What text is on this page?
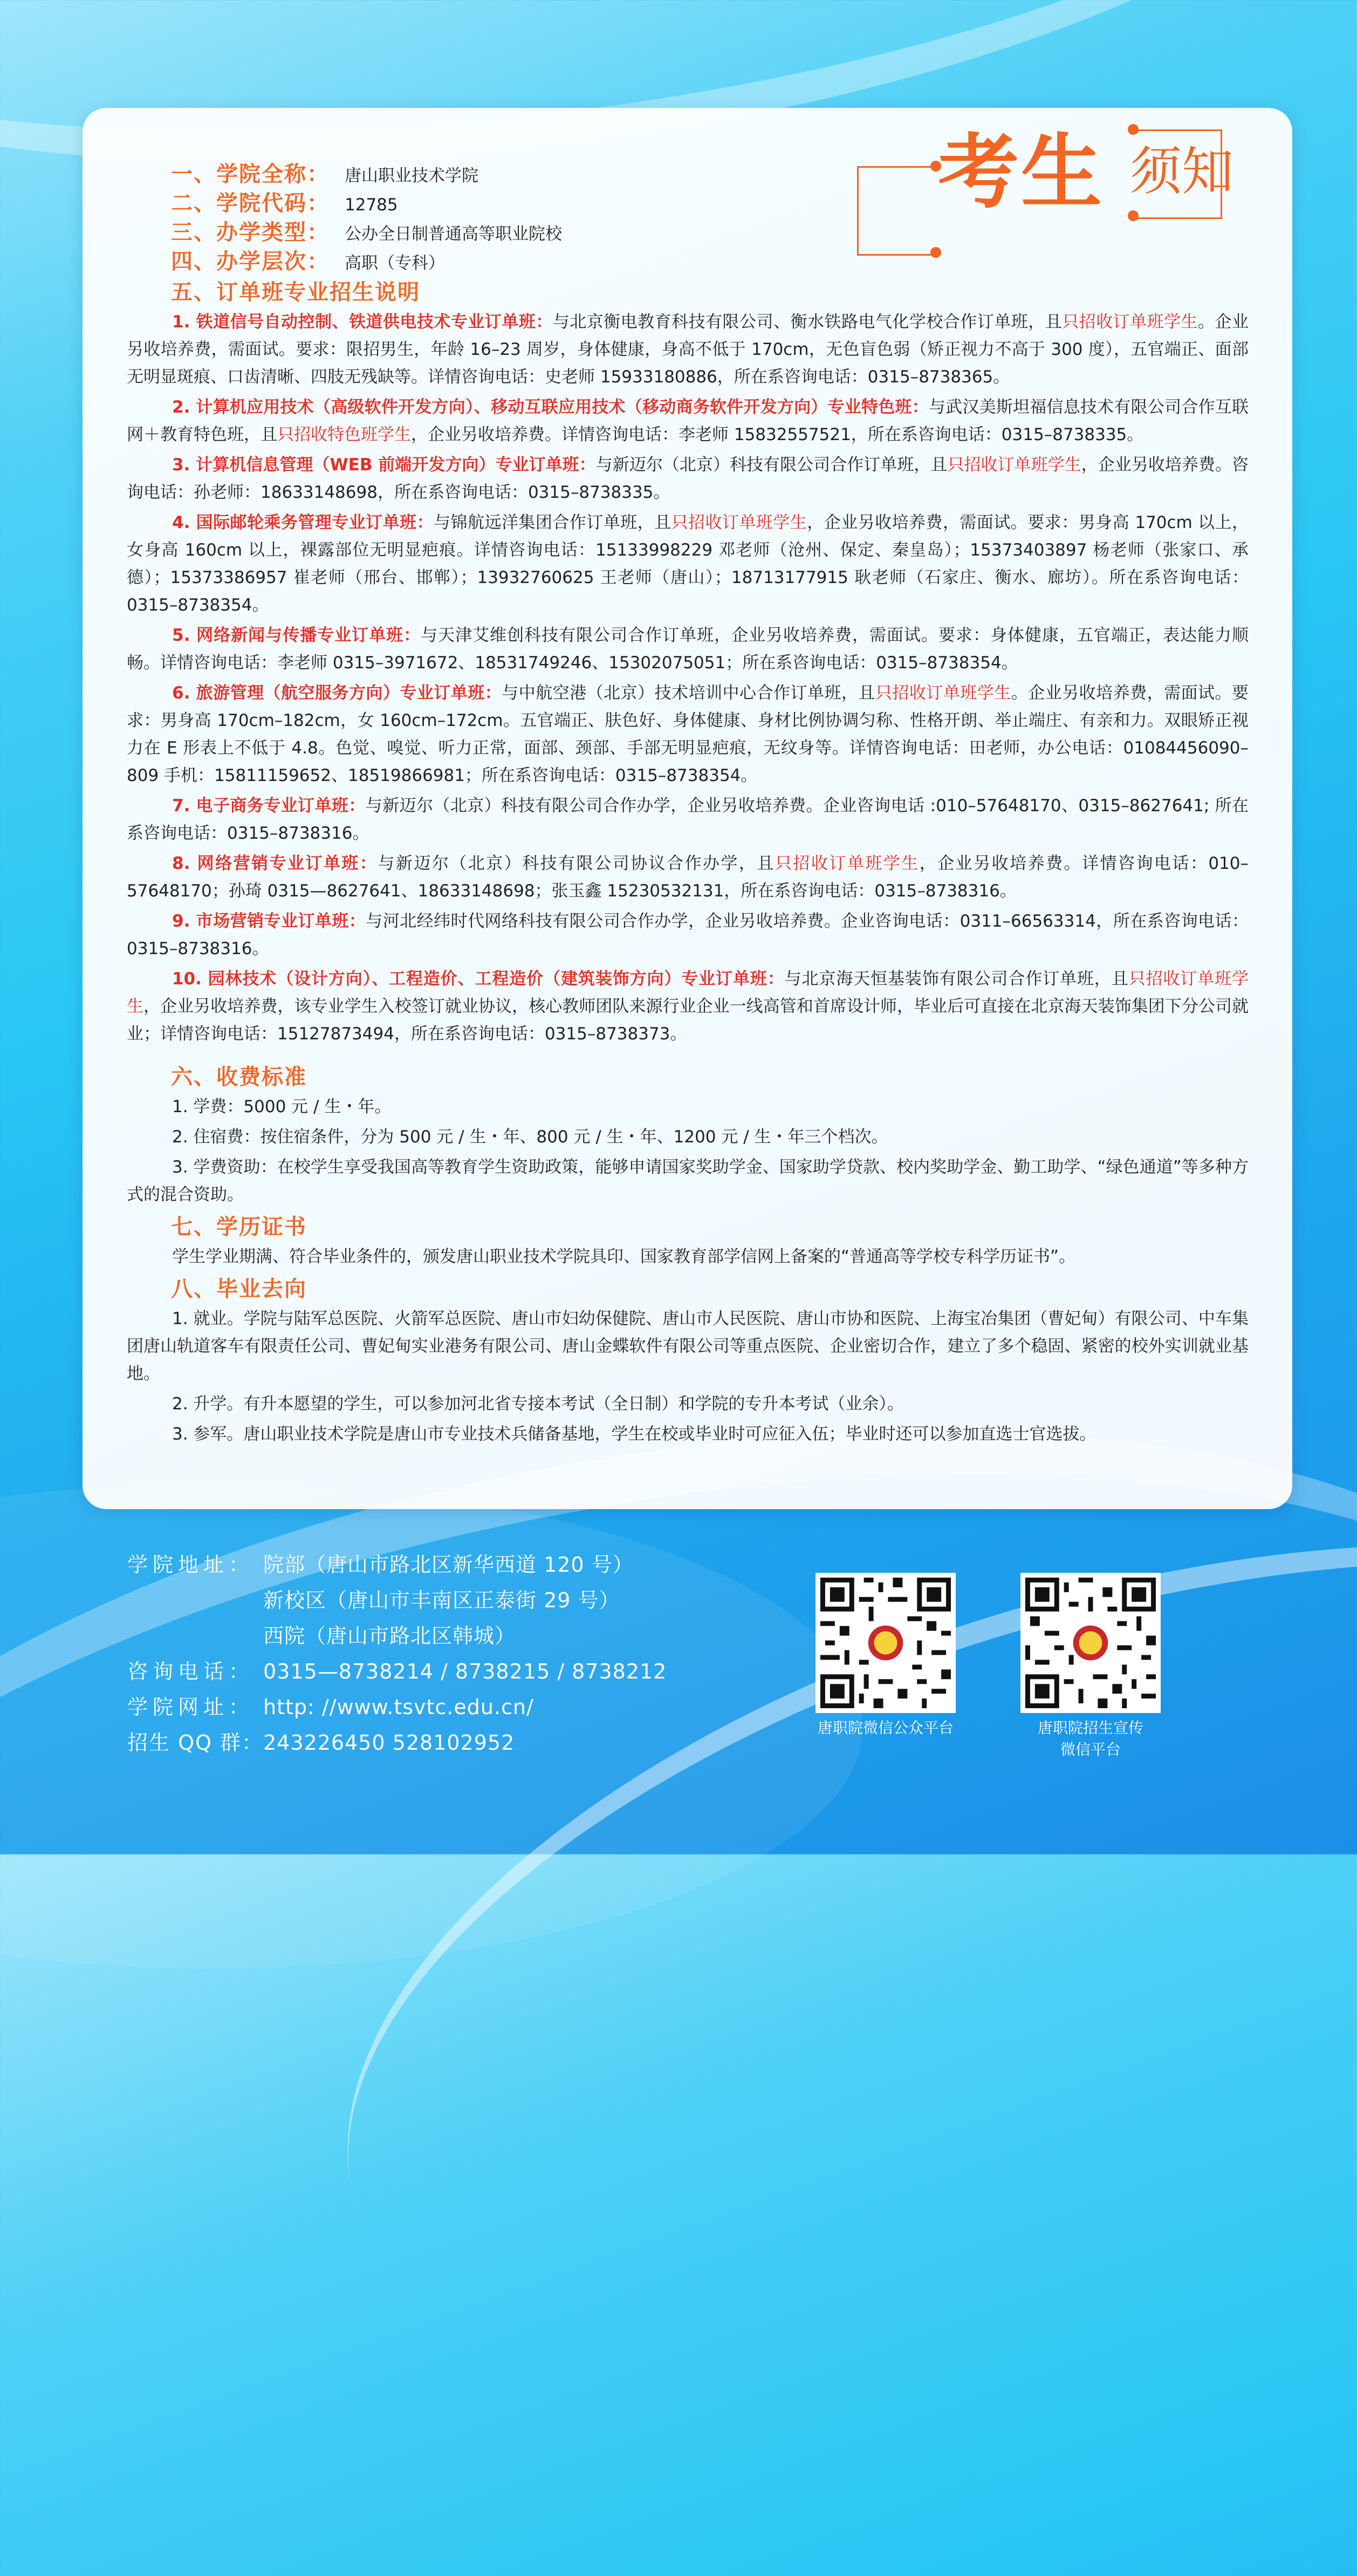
考生 须知
一、学院全称： 唐山职业技术学院
二、学院代码： 12785
三、办学类型： 公办全日制普通高等职业院校
四、办学层次： 高职（专科）
五、订单班专业招生说明

1. 铁道信号自动控制、铁道供电技术专业订单班：与北京衡电教育科技有限公司、衡水铁路电气化学校合作订单班，且只招收订单班学生。企业另收培养费，需面试。要求：限招男生，年龄 16–23 周岁，身体健康，身高不低于 170cm，无色盲色弱（矫正视力不高于 300 度），五官端正、面部无明显斑痕、口齿清晰、四肢无残缺等。详情咨询电话：史老师 15933180886，所在系咨询电话：0315–8738365。

2. 计算机应用技术（高级软件开发方向）、移动互联应用技术（移动商务软件开发方向）专业特色班：与武汉美斯坦福信息技术有限公司合作互联网＋教育特色班，且只招收特色班学生，企业另收培养费。详情咨询电话：李老师 15832557521，所在系咨询电话：0315–8738335。

3. 计算机信息管理（WEB 前端开发方向）专业订单班：与新迈尔（北京）科技有限公司合作订单班，且只招收订单班学生，企业另收培养费。咨询电话：孙老师：18633148698，所在系咨询电话：0315–8738335。

4. 国际邮轮乘务管理专业订单班：与锦航远洋集团合作订单班，且只招收订单班学生，企业另收培养费，需面试。要求：男身高 170cm 以上，女身高 160cm 以上，裸露部位无明显疤痕。详情咨询电话：15133998229 邓老师（沧州、保定、秦皇岛）；15373403897 杨老师（张家口、承德）；15373386957 崔老师（邢台、邯郸）；13932760625 王老师（唐山）；18713177915 耿老师（石家庄、衡水、廊坊）。所在系咨询电话：0315–8738354。

5. 网络新闻与传播专业订单班：与天津艾维创科技有限公司合作订单班，企业另收培养费，需面试。要求：身体健康，五官端正，表达能力顺畅。详情咨询电话：李老师 0315–3971672、18531749246、15302075051；所在系咨询电话：0315–8738354。

6. 旅游管理（航空服务方向）专业订单班：与中航空港（北京）技术培训中心合作订单班，且只招收订单班学生。企业另收培养费，需面试。要求：男身高 170cm–182cm，女 160cm–172cm。五官端正、肤色好、身体健康、身材比例协调匀称、性格开朗、举止端庄、有亲和力。双眼矫正视力在 E 形表上不低于 4.8。色觉、嗅觉、听力正常，面部、颈部、手部无明显疤痕，无纹身等。详情咨询电话：田老师，办公电话：01084456090–809 手机：15811159652、18519866981；所在系咨询电话：0315–8738354。

7. 电子商务专业订单班：与新迈尔（北京）科技有限公司合作办学，企业另收培养费。企业咨询电话 :010–57648170、0315–8627641; 所在系咨询电话：0315–8738316。

8. 网络营销专业订单班：与新迈尔（北京）科技有限公司协议合作办学，且只招收订单班学生，企业另收培养费。详情咨询电话：010–57648170；孙琦 0315—8627641、18633148698；张玉鑫 15230532131，所在系咨询电话：0315–8738316。

9. 市场营销专业订单班：与河北经纬时代网络科技有限公司合作办学，企业另收培养费。企业咨询电话：0311–66563314，所在系咨询电话：0315–8738316。

10. 园林技术（设计方向）、工程造价、工程造价（建筑装饰方向）专业订单班：与北京海天恒基装饰有限公司合作订单班，且只招收订单班学生，企业另收培养费，该专业学生入校签订就业协议，核心教师团队来源行业企业一线高管和首席设计师，毕业后可直接在北京海天装饰集团下分公司就业；详情咨询电话：15127873494，所在系咨询电话：0315–8738373。

六、收费标准

1. 学费：5000 元 / 生・年。

2. 住宿费：按住宿条件，分为 500 元 / 生・年、800 元 / 生・年、1200 元 / 生・年三个档次。

3. 学费资助：在校学生享受我国高等教育学生资助政策，能够申请国家奖助学金、国家助学贷款、校内奖助学金、勤工助学、“绿色通道”等多种方式的混合资助。

七、学历证书

学生学业期满、符合毕业条件的，颁发唐山职业技术学院具印、国家教育部学信网上备案的“普通高等学校专科学历证书”。

八、毕业去向

1. 就业。学院与陆军总医院、火箭军总医院、唐山市妇幼保健院、唐山市人民医院、唐山市协和医院、上海宝冶集团（曹妃甸）有限公司、中车集团唐山轨道客车有限责任公司、曹妃甸实业港务有限公司、唐山金蝶软件有限公司等重点医院、企业密切合作，建立了多个稳固、紧密的校外实训就业基地。

2. 升学。有升本愿望的学生，可以参加河北省专接本考试（全日制）和学院的专升本考试（业余）。

3. 参军。唐山职业技术学院是唐山市专业技术兵储备基地，学生在校或毕业时可应征入伍；毕业时还可以参加直选士官选拔。

学院地址： 院部（唐山市路北区新华西道 120 号）
新校区（唐山市丰南区正泰街 29 号）
西院（唐山市路北区韩城）
咨询电话： 0315—8738214 / 8738215 / 8738212
学院网址： http: //www.tsvtc.edu.cn/
招生 QQ 群： 243226450 528102952
唐职院微信公众平台	唐职院招生宣传
微信平台
